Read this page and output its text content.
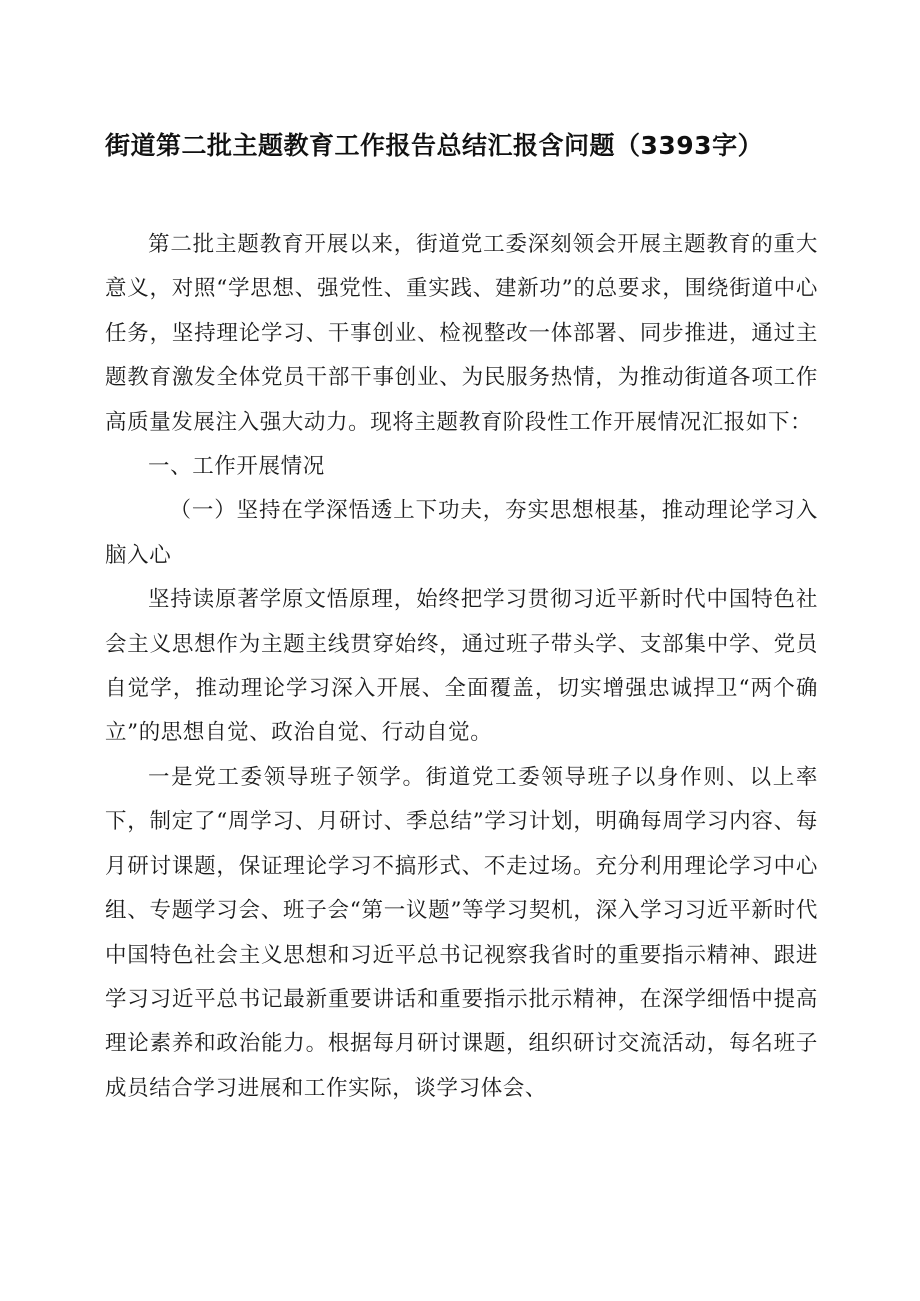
街道第二批主题教育工作报告总结汇报含问题（3393字）

第二批主题教育开展以来，街道党工委深刻领会开展主题教育的重大意义，对照“学思想、强党性、重实践、建新功”的总要求，围绕街道中心任务，坚持理论学习、干事创业、检视整改一体部署、同步推进，通过主题教育激发全体党员干部干事创业、为民服务热情，为推动街道各项工作高质量发展注入强大动力。现将主题教育阶段性工作开展情况汇报如下：

一、工作开展情况

（一）坚持在学深悟透上下功夫，夯实思想根基，推动理论学习入脑入心

坚持读原著学原文悟原理，始终把学习贯彻习近平新时代中国特色社会主义思想作为主题主线贯穿始终，通过班子带头学、支部集中学、党员自觉学，推动理论学习深入开展、全面覆盖，切实增强忠诚捍卫“两个确立”的思想自觉、政治自觉、行动自觉。

一是党工委领导班子领学。街道党工委领导班子以身作则、以上率下，制定了“周学习、月研讨、季总结”学习计划，明确每周学习内容、每月研讨课题，保证理论学习不搞形式、不走过场。充分利用理论学习中心组、专题学习会、班子会“第一议题”等学习契机，深入学习习近平新时代中国特色社会主义思想和习近平总书记视察我省时的重要指示精神、跟进学习习近平总书记最新重要讲话和重要指示批示精神，在深学细悟中提高理论素养和政治能力。根据每月研讨课题，组织研讨交流活动，每名班子成员结合学习进展和工作实际，谈学习体会、
